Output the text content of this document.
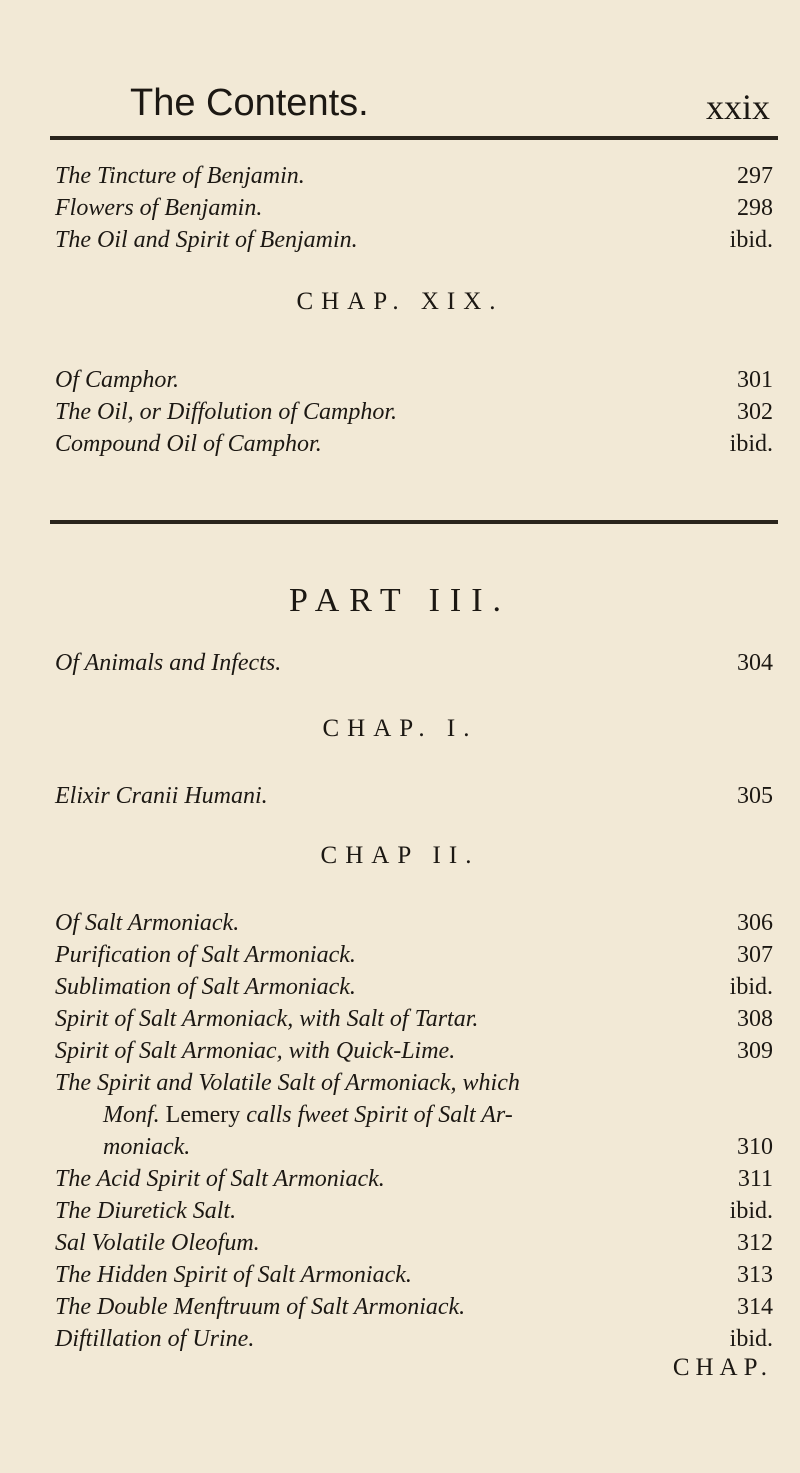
The Contents.	xxix
The Tincture of Benjamin.	297
Flowers of Benjamin.	298
The Oil and Spirit of Benjamin.	ibid.
CHAP. XIX.
Of Camphor.	301
The Oil, or Diffolution of Camphor.	302
Compound Oil of Camphor.	ibid.
PART III.
Of Animals and Infects.	304
CHAP. I.
Elixir Cranii Humani.	305
CHAP II.
Of Salt Armoniack.	306
Purification of Salt Armoniack.	307
Sublimation of Salt Armoniack.	ibid.
Spirit of Salt Armoniack, with Salt of Tartar.	308
Spirit of Salt Armoniac, with Quick-Lime.	309
The Spirit and Volatile Salt of Armoniack, which
Monf. Lemery calls fweet Spirit of Salt Ar-
moniack.	310
The Acid Spirit of Salt Armoniack.	311
The Diuretick Salt.	ibid.
Sal Volatile Oleofum.	312
The Hidden Spirit of Salt Armoniack.	313
The Double Menftruum of Salt Armoniack.	314
Diftillation of Urine.	ibid.
CHAP.
